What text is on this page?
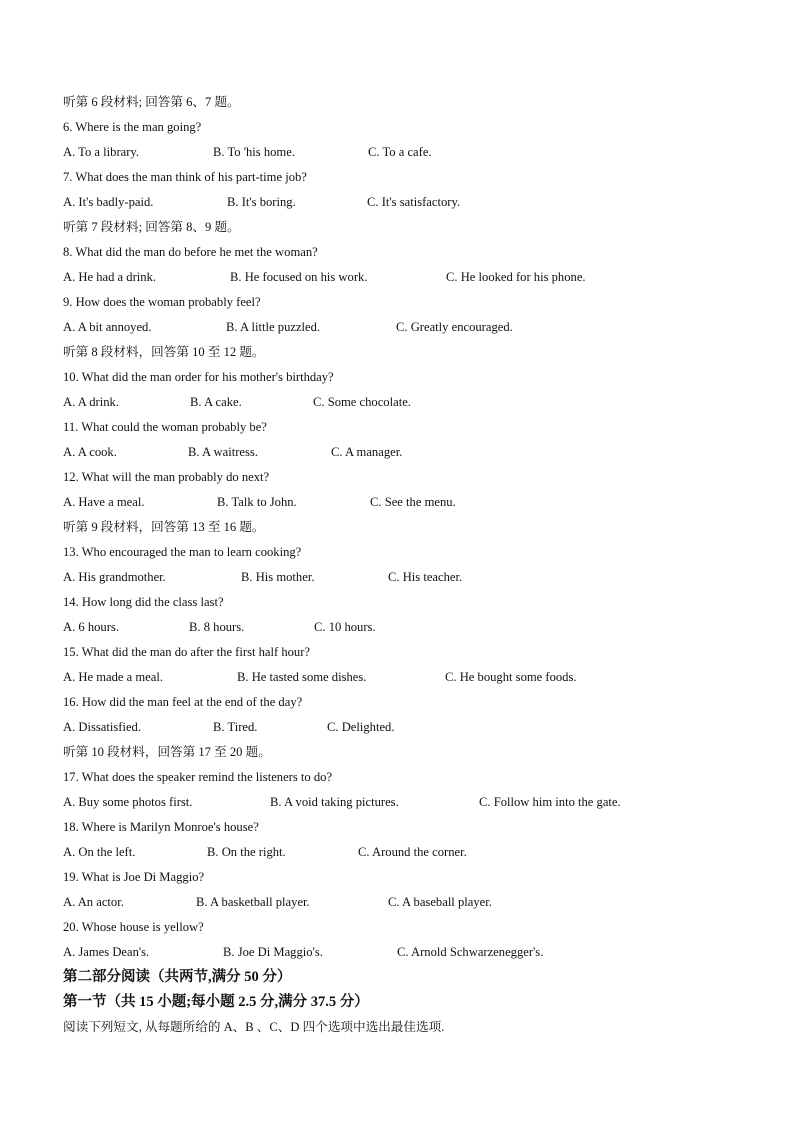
听第 6 段材料; 回答第 6、7 题。
6. Where is the man going?
A. To a library.	B. To 'his home.	C. To a cafe.
7. What does the man think of his part-time job?
A. It's badly-paid.	B. It's boring.	C. It's satisfactory.
听第 7 段材料; 回答第 8、9 题。
8. What did the man do before he met the woman?
A. He had a drink.	B. He focused on his work.	C. He looked for his phone.
9. How does the woman probably feel?
A. A bit annoyed.	B. A little puzzled.	C. Greatly encouraged.
听第 8 段材料，回答第 10 至 12 题。
10. What did the man order for his mother's birthday?
A. A drink.	B. A cake.	C. Some chocolate.
11. What could the woman probably be?
A. A cook.	B. A waitress.	C. A manager.
12. What will the man probably do next?
A. Have a meal.	B. Talk to John.	C. See the menu.
听第 9 段材料，回答第 13 至 16 题。
13. Who encouraged the man to learn cooking?
A. His grandmother.	B. His mother.	C. His teacher.
14. How long did the class last?
A. 6 hours.	B. 8 hours.	C. 10 hours.
15. What did the man do after the first half hour?
A. He made a meal.	B. He tasted some dishes.	C. He bought some foods.
16. How did the man feel at the end of the day?
A. Dissatisfied.	B. Tired.	C. Delighted.
听第 10 段材料，回答第 17 至 20 题。
17. What does the speaker remind the listeners to do?
A. Buy some photos first.	B. A void taking pictures.	C. Follow him into the gate.
18. Where is Marilyn Monroe's house?
A. On the left.	B. On the right.	C. Around the corner.
19. What is Joe Di Maggio?
A. An actor.	B. A basketball player.	C. A baseball player.
20. Whose house is yellow?
A. James Dean's.	B. Joe Di Maggio's.	C. Arnold Schwarzenegger's.
第二部分阅读（共两节,满分 50 分）
第一节（共 15 小题;每小题 2.5 分,满分 37.5 分）
阅读下列短文, 从每题所给的 A、B 、C、D 四个选项中选出最佳选项.
